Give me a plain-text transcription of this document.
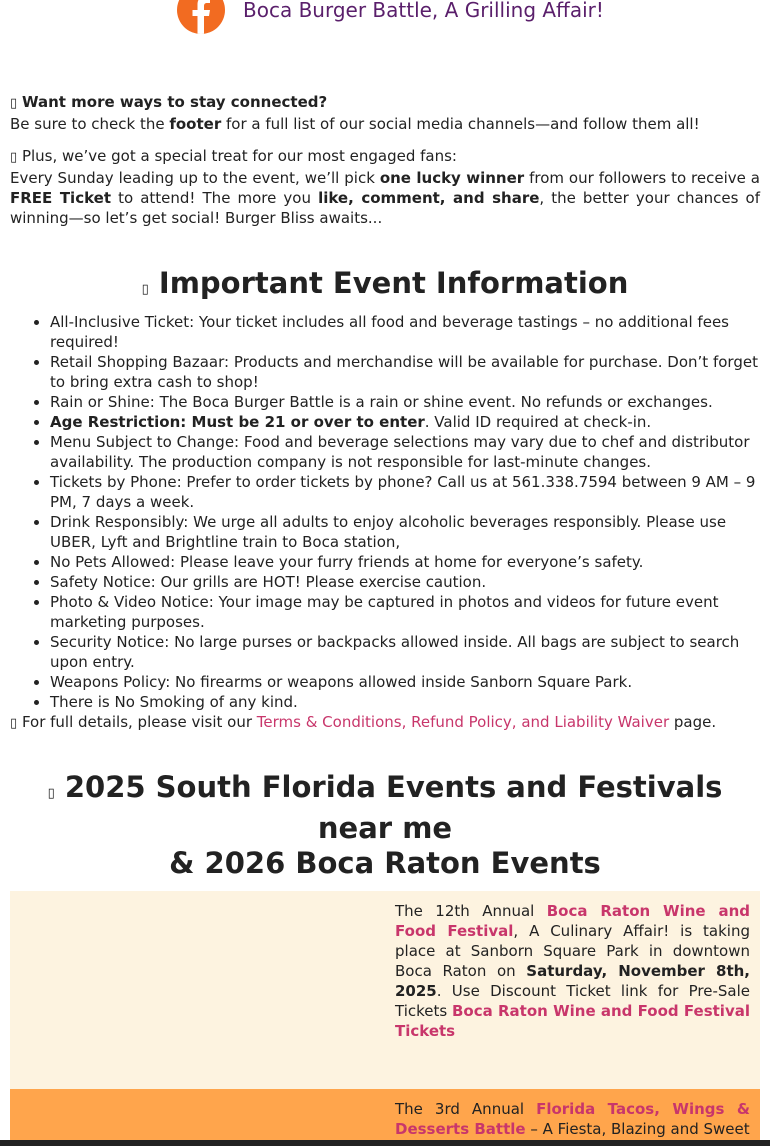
Boca Burger Battle, A Grilling Affair!

▯ Want more ways to stay connected?

Be sure to check the footer for a full list of our social media channels—and follow them all!

▯ Plus, we’ve got a special treat for our most engaged fans:

Every Sunday leading up to the event, we’ll pick one lucky winner from our followers to receive a FREE Ticket to attend! The more you like, comment, and share, the better your chances of winning—so let’s get social! Burger Bliss awaits...

▯ Important Event Information
• All-Inclusive Ticket: Your ticket includes all food and beverage tastings – no additional fees required!
• Retail Shopping Bazaar: Products and merchandise will be available for purchase. Don’t forget to bring extra cash to shop!
• Rain or Shine: The Boca Burger Battle is a rain or shine event. No refunds or exchanges.
• Age Restriction: Must be 21 or over to enter. Valid ID required at check-in.
• Menu Subject to Change: Food and beverage selections may vary due to chef and distributor availability. The production company is not responsible for last-minute changes.
• Tickets by Phone: Prefer to order tickets by phone? Call us at 561.338.7594 between 9 AM – 9 PM, 7 days a week.
• Drink Responsibly: We urge all adults to enjoy alcoholic beverages responsibly. Please use UBER, Lyft and Brightline train to Boca station,
• No Pets Allowed: Please leave your furry friends at home for everyone’s safety.
• Safety Notice: Our grills are HOT! Please exercise caution.
• Photo & Video Notice: Your image may be captured in photos and videos for future event marketing purposes.
• Security Notice: No large purses or backpacks allowed inside. All bags are subject to search upon entry.
• Weapons Policy: No firearms or weapons allowed inside Sanborn Square Park.
• There is No Smoking of any kind.

▯ For full details, please visit our Terms & Conditions, Refund Policy, and Liability Waiver page.

▯ 2025 South Florida Events and Festivals near me
& 2026 Boca Raton Events

The 12th Annual Boca Raton Wine and Food Festival, A Culinary Affair! is taking place at Sanborn Square Park in downtown Boca Raton on Saturday, November 8th, 2025. Use Discount Ticket link for Pre-Sale Tickets Boca Raton Wine and Food Festival Tickets

The 3rd Annual Florida Tacos, Wings & Desserts Battle – A Fiesta, Blazing and Sweet
